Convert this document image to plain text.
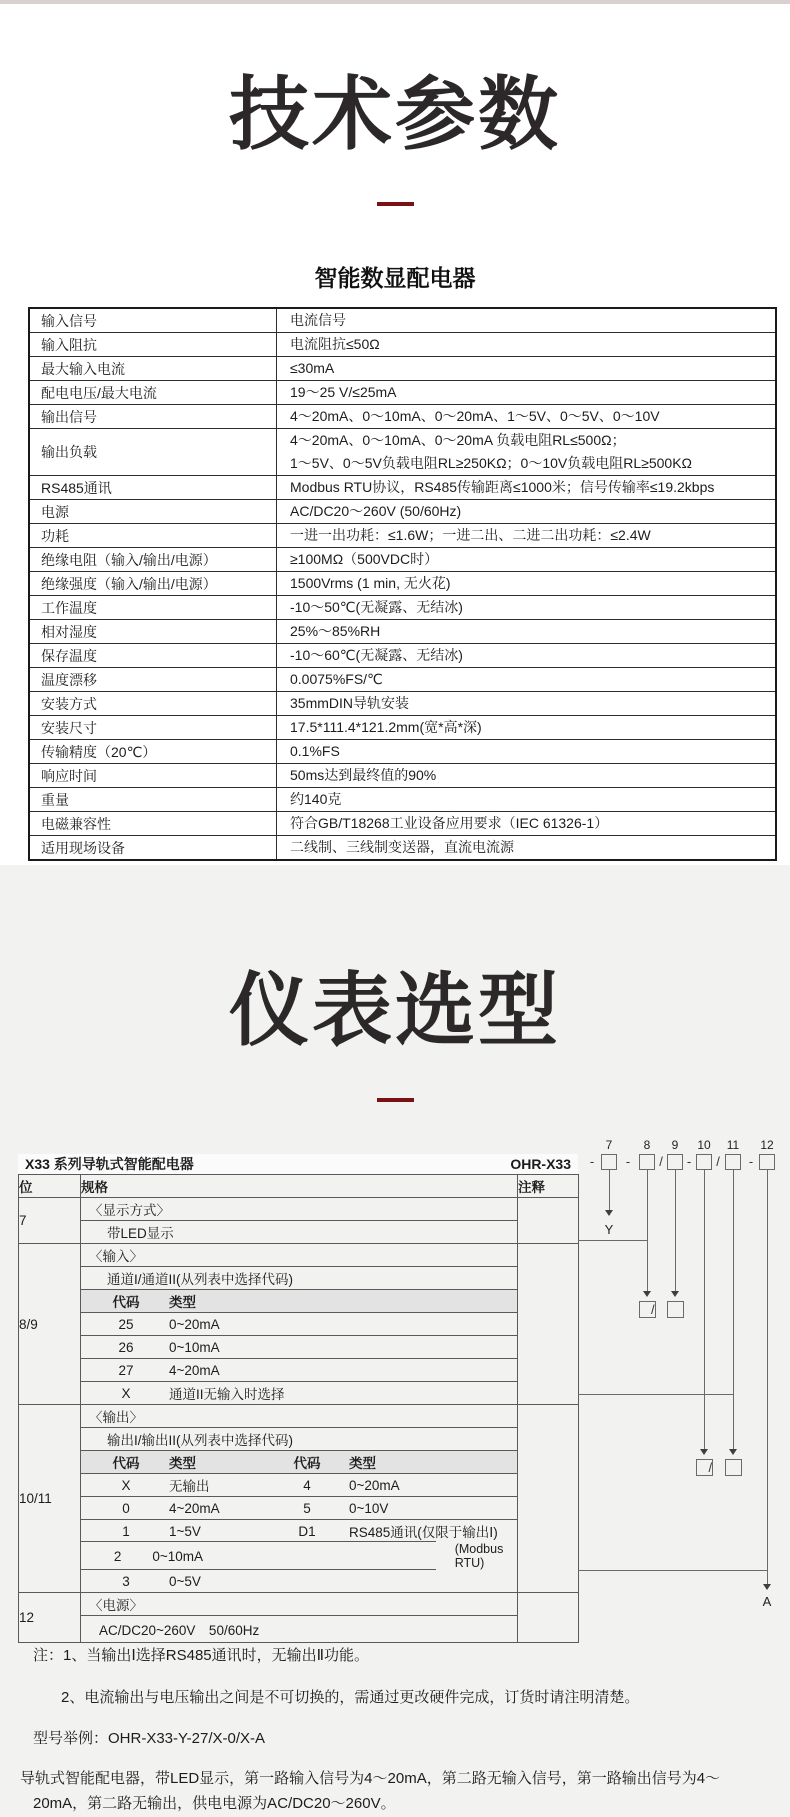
技术参数
智能数显配电器
输入信号	电流信号

输入阻抗	电流阻抗≤50Ω

最大输入电流	≤30mA

配电电压/最大电流	19～25 V/≤25mA

输出信号	4～20mA、0～10mA、0～20mA、1～5V、0～5V、0～10V

输出负载	4～20mA、0～10mA、0～20mA 负载电阻RL≤500Ω；
1～5V、0～5V负载电阻RL≥250KΩ；0～10V负载电阻RL≥500KΩ

RS485通讯	Modbus RTU协议，RS485传输距离≤1000米；信号传输率≤19.2kbps

电源	AC/DC20～260V (50/60Hz)

功耗	一进一出功耗：≤1.6W；一进二出、二进二出功耗：≤2.4W

绝缘电阻（输入/输出/电源）	≥100MΩ（500VDC时）

绝缘强度（输入/输出/电源）	1500Vrms (1 min, 无火花)

工作温度	-10～50℃(无凝露、无结冰)

相对湿度	25%～85%RH

保存温度	-10～60℃(无凝露、无结冰)

温度漂移	0.0075%FS/℃

安装方式	35mmDIN导轨安装

安装尺寸	17.5*111.4*121.2mm(宽*高*深)

传输精度（20℃）	0.1%FS

响应时间	50ms达到最终值的90%

重量	约140克

电磁兼容性	符合GB/T18268工业设备应用要求（IEC 61326-1）

适用现场设备	二线制、三线制变送器，直流电流源
仪表选型
X33 系列导轨式智能配电器	OHR-X33
位	规格	注释
7	〈显示方式〉	

	带LED显示	

8/9	〈输入〉	

	通道I/通道II(从列表中选择代码)	

	代码 类型	

	25 0~20mA	

	26 0~10mA	

	27 4~20mA	

	X 通道II无输入时选择	

10/11	〈输出〉	

	输出I/输出II(从列表中选择代码)	

	代码 类型 代码 类型	

	X 无输出 4 0~20mA	

	0 4~20mA 5 0~10V	

	1 1~5V D1 RS485通讯(仅限于输出Ⅰ)	

	2 0~10mA (Modbus RTU)	

	3 0~5V	

12	〈电源〉	

	AC/DC20~260V　50/60Hz	
7
-
8
-
9
/
10
-
11
/
12
-
Y
/
/
A
注：1、当输出Ⅰ选择RS485通讯时，无输出Ⅱ功能。
2、电流输出与电压输出之间是不可切换的，需通过更改硬件完成，订货时请注明清楚。
型号举例：OHR-X33-Y-27/X-0/X-A
导轨式智能配电器，带LED显示，第一路输入信号为4～20mA，第二路无输入信号，第一路输出信号为4～20mA，第二路无输出，供电电源为AC/DC20～260V。
